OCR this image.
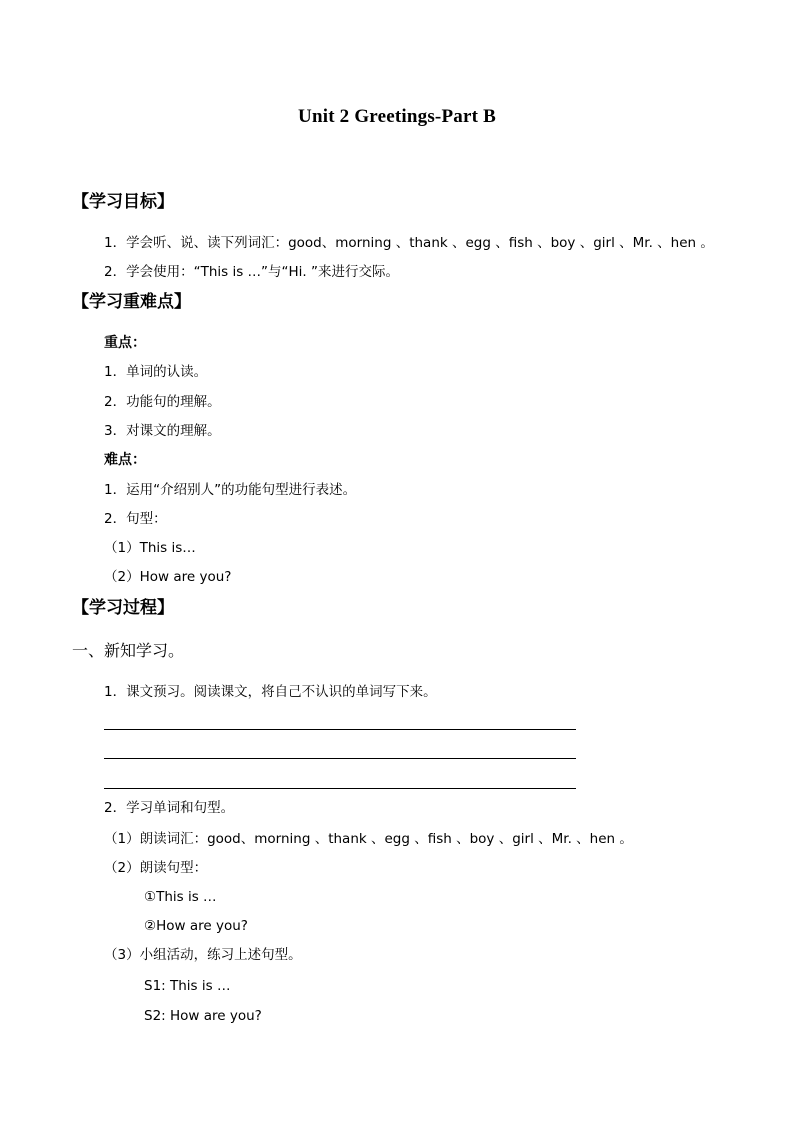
Unit 2 Greetings-Part B
【学习目标】
1．学会听、说、读下列词汇：good、morning 、thank 、egg 、fish 、boy 、girl 、Mr. 、hen 。
2．学会使用：“This is …”与“Hi. ”来进行交际。
【学习重难点】
重点：
1．单词的认读。
2．功能句的理解。
3．对课文的理解。
难点：
1．运用“介绍别人”的功能句型进行表述。
2．句型：
（1）This is…
（2）How are you?
【学习过程】
一、新知学习。
1．课文预习。阅读课文，将自己不认识的单词写下来。
2．学习单词和句型。
（1）朗读词汇：good、morning 、thank 、egg 、fish 、boy 、girl 、Mr. 、hen 。
（2）朗读句型：
①This is …
②How are you?
（3）小组活动，练习上述句型。
S1: This is …
S2: How are you?
